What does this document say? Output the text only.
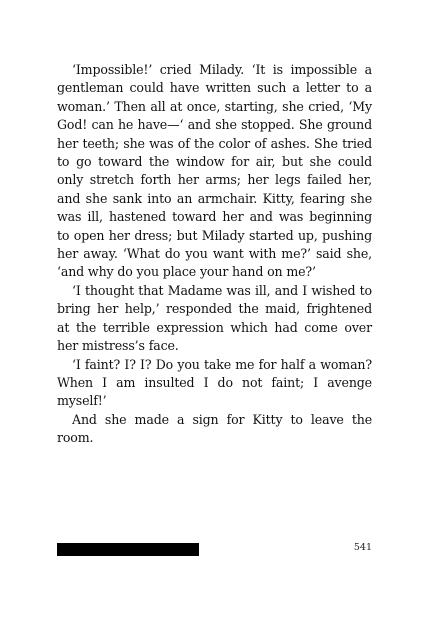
‘Impossible!’ cried Milady. ‘It is impossible a gentleman could have written such a letter to a woman.’ Then all at once, starting, she cried, ‘My God! can he have—‘ and she stopped. She ground her teeth; she was of the color of ashes. She tried to go toward the window for air, but she could only stretch forth her arms; her legs failed her, and she sank into an armchair. Kitty, fearing she was ill, hastened toward her and was beginning to open her dress; but Milady started up, pushing her away. ‘What do you want with me?’ said she, ‘and why do you place your hand on me?’

‘I thought that Madame was ill, and I wished to bring her help,’ responded the maid, frightened at the terrible expression which had come over her mistress’s face.

‘I faint? I? I? Do you take me for half a woman? When I am insulted I do not faint; I avenge myself!’

And she made a sign for Kitty to leave the room.

541
